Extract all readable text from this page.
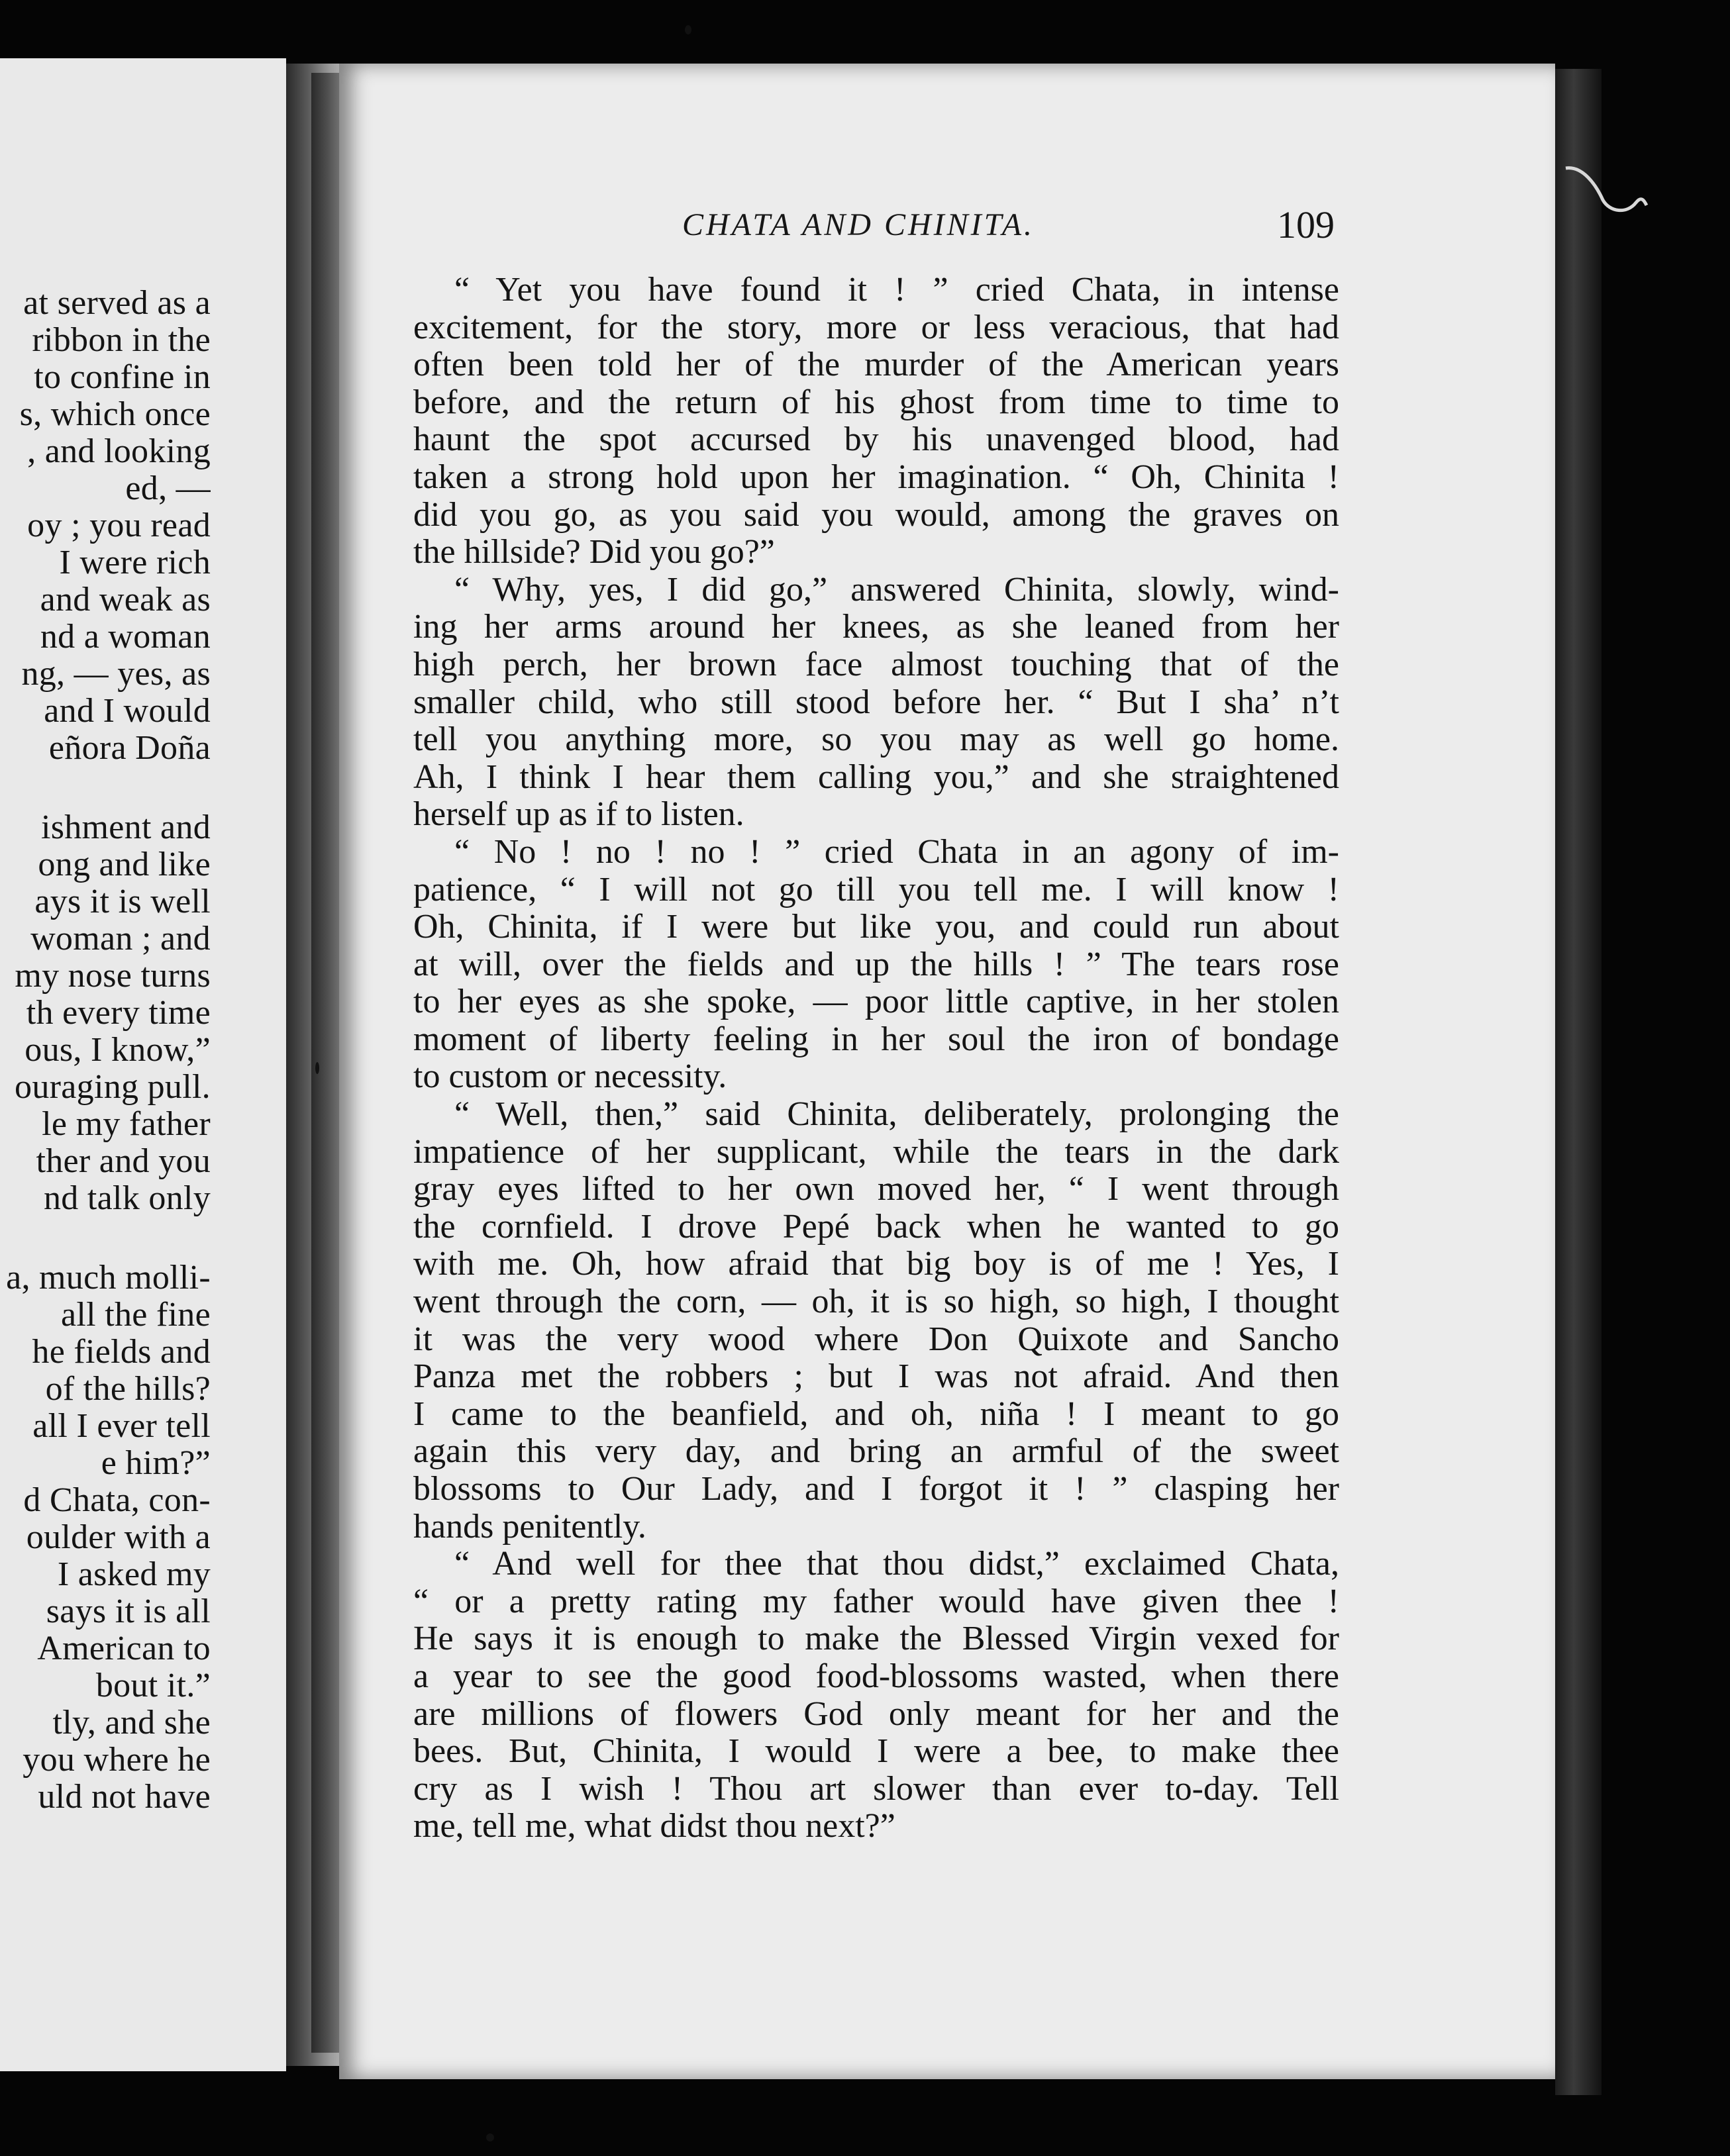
at served as a
ribbon in the
to confine in
s, which once
, and looking
ed, —
oy ; you read
I were rich
and weak as
nd a woman
ng, — yes, as
and I would
eñora Doña
ishment and
ong and like
ays it is well
woman ; and
my nose turns
th every time
ous, I know,”
ouraging pull.
le my father
ther and you
nd talk only
a, much molli-
all the fine
he fields and
of the hills?
all I ever tell
e him?”
d Chata, con-
oulder with a
I asked my
says it is all
American to
bout it.”
tly, and she
you where he
uld not have
CHATA AND CHINITA.	109
“ Yet you have found it ! ” cried Chata, in intense
excitement, for the story, more or less veracious, that had
often been told her of the murder of the American years
before, and the return of his ghost from time to time to
haunt the spot accursed by his unavenged blood, had
taken a strong hold upon her imagination. “ Oh, Chinita !
did you go, as you said you would, among the graves on
the hillside? Did you go?”
“ Why, yes, I did go,” answered Chinita, slowly, wind-
ing her arms around her knees, as she leaned from her
high perch, her brown face almost touching that of the
smaller child, who still stood before her. “ But I sha’ n’t
tell you anything more, so you may as well go home.
Ah, I think I hear them calling you,” and she straightened
herself up as if to listen.
“ No ! no ! no ! ” cried Chata in an agony of im-
patience, “ I will not go till you tell me. I will know !
Oh, Chinita, if I were but like you, and could run about
at will, over the fields and up the hills ! ” The tears rose
to her eyes as she spoke, — poor little captive, in her stolen
moment of liberty feeling in her soul the iron of bondage
to custom or necessity.
“ Well, then,” said Chinita, deliberately, prolonging the
impatience of her supplicant, while the tears in the dark
gray eyes lifted to her own moved her, “ I went through
the cornfield. I drove Pepé back when he wanted to go
with me. Oh, how afraid that big boy is of me ! Yes, I
went through the corn, — oh, it is so high, so high, I thought
it was the very wood where Don Quixote and Sancho
Panza met the robbers ; but I was not afraid. And then
I came to the beanfield, and oh, niña ! I meant to go
again this very day, and bring an armful of the sweet
blossoms to Our Lady, and I forgot it ! ” clasping her
hands penitently.
“ And well for thee that thou didst,” exclaimed Chata,
“ or a pretty rating my father would have given thee !
He says it is enough to make the Blessed Virgin vexed for
a year to see the good food-blossoms wasted, when there
are millions of flowers God only meant for her and the
bees. But, Chinita, I would I were a bee, to make thee
cry as I wish ! Thou art slower than ever to-day. Tell
me, tell me, what didst thou next?”
